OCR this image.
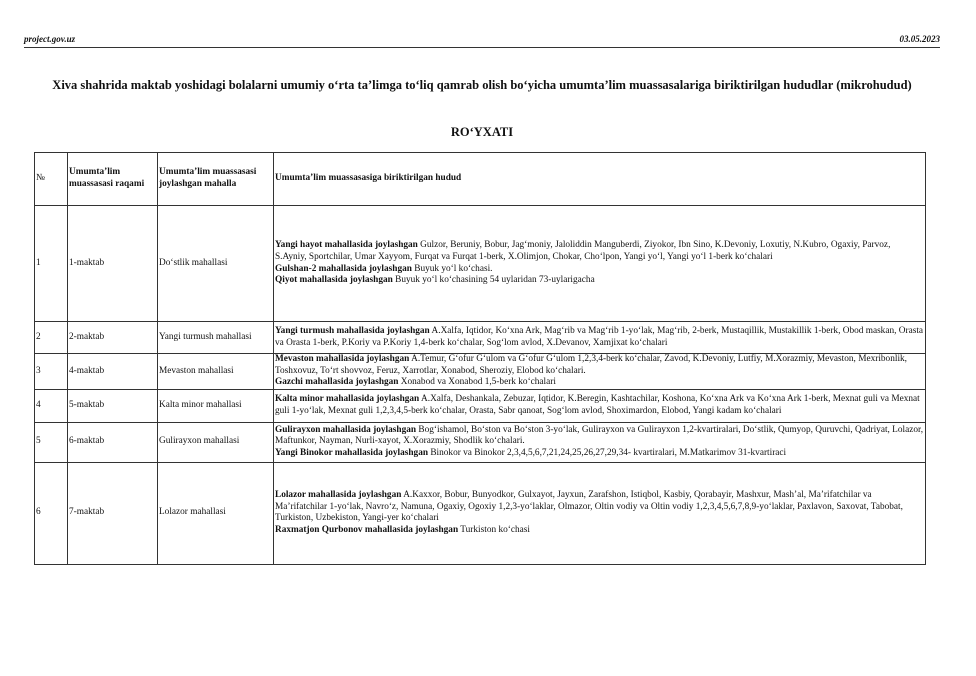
project.gov.uz	03.05.2023
Xiva shahrida maktab yoshidagi bolalarni umumiy o‘rta ta’limga to‘liq qamrab olish bo‘yicha umumta’lim muassasalariga biriktirilgan hududlar (mikrohudud)
RO‘YXATI
№	Umumta’lim muassasasi raqami	Umumta’lim muassasasi joylashgan mahalla	Umumta’lim muassasasiga biriktirilgan hudud
1	1-maktab	Do‘stlik mahallasi	Yangi hayot mahallasida joylashgan Gulzor, Beruniy, Bobur, Jag‘moniy, Jaloliddin Manguberdi, Ziyokor, Ibn Sino, K.Devoniy, Loxutiy, N.Kubro, Ogaxiy, Parvoz, S.Ayniy, Sportchilar, Umar Xayyom, Furqat va Furqat 1-berk, X.Olimjon, Chokar, Cho‘lpon, Yangi yo‘l, Yangi yo‘l 1-berk ko‘chalari
Gulshan-2 mahallasida joylashgan Buyuk yo‘l ko‘chasi.
Qiyot mahallasida joylashgan Buyuk yo‘l ko‘chasining 54 uylaridan 73-uylarigacha

2	2-maktab	Yangi turmush mahallasi	Yangi turmush mahallasida joylashgan A.Xalfa, Iqtidor, Ko‘xna Ark, Mag‘rib va Mag‘rib 1-yo‘lak, Mag‘rib, 2-berk, Mustaqillik, Mustakillik 1-berk, Obod maskan, Orasta va Orasta 1-berk, P.Koriy va P.Koriy 1,4-berk ko‘chalar, Sog‘lom avlod, X.Devanov, Xamjixat ko‘chalari

3	4-maktab	Mevaston mahallasi	Mevaston mahallasida joylashgan A.Temur, G‘ofur G‘ulom va G‘ofur G‘ulom 1,2,3,4-berk ko‘chalar, Zavod, K.Devoniy, Lutfiy, M.Xorazmiy, Mevaston, Mexribonlik, Toshxovuz, To‘rt shovvoz, Feruz, Xarrotlar, Xonabod, Sheroziy, Elobod ko‘chalari.
Gazchi mahallasida joylashgan Xonabod va Xonabod 1,5-berk ko‘chalari

4	5-maktab	Kalta minor mahallasi	Kalta minor mahallasida joylashgan A.Xalfa, Deshankala, Zebuzar, Iqtidor, K.Beregin, Kashtachilar, Koshona, Ko‘xna Ark va Ko‘xna Ark 1-berk, Mexnat guli va Mexnat guli 1-yo‘lak, Mexnat guli 1,2,3,4,5-berk ko‘chalar, Orasta, Sabr qanoat, Sog‘lom avlod, Shoximardon, Elobod, Yangi kadam ko‘chalari

5	6-maktab	Gulirayxon mahallasi	Gulirayxon mahallasida joylashgan Bog‘ishamol, Bo‘ston va Bo‘ston 3-yo‘lak, Gulirayxon va Gulirayxon 1,2-kvartiralari, Do‘stlik, Qumyop, Quruvchi, Qadriyat, Lolazor, Maftunkor, Nayman, Nurli-xayot, X.Xorazmiy, Shodlik ko‘chalari.
Yangi Binokor mahallasida joylashgan Binokor va Binokor 2,3,4,5,6,7,21,24,25,26,27,29,34- kvartiralari, M.Matkarimov 31-kvartiraci

6	7-maktab	Lolazor mahallasi	Lolazor mahallasida joylashgan A.Kaxxor, Bobur, Bunyodkor, Gulxayot, Jayxun, Zarafshon, Istiqbol, Kasbiy, Qorabayir, Mashxur, Mash’al, Ma’rifatchilar va Ma’rifatchilar 1-yo‘lak, Navro‘z, Namuna, Ogaxiy, Ogoxiy 1,2,3-yo‘laklar, Olmazor, Oltin vodiy va Oltin vodiy 1,2,3,4,5,6,7,8,9-yo‘laklar, Paxlavon, Saxovat, Tabobat, Turkiston, Uzbekiston, Yangi-yer ko‘chalari
Raxmatjon Qurbonov mahallasida joylashgan Turkiston ko‘chasi
